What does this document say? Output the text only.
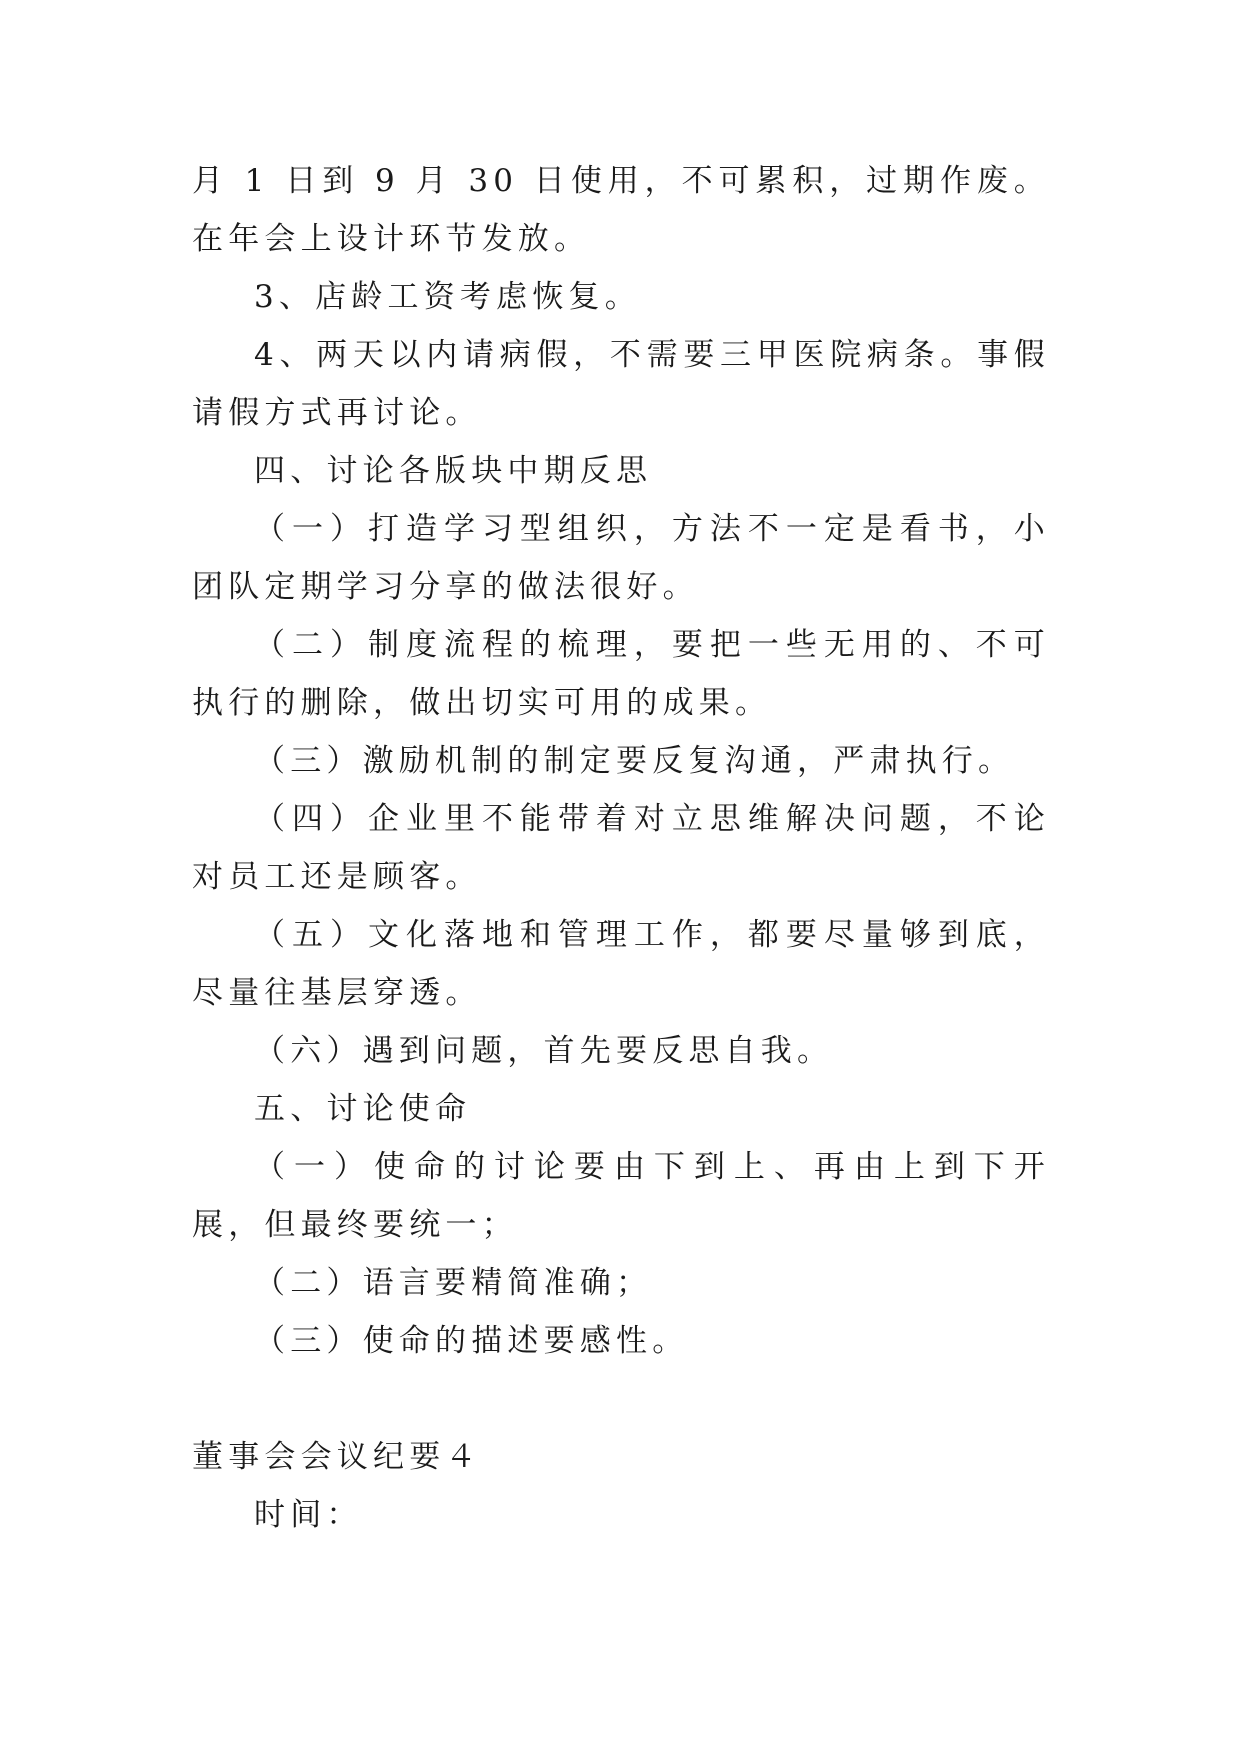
月 1 日到 9 月 30 日使用，不可累积，过期作废。在年会上设计环节发放。

3、店龄工资考虑恢复。

4、两天以内请病假，不需要三甲医院病条。事假请假方式再讨论。

四、讨论各版块中期反思

（一）打造学习型组织，方法不一定是看书，小团队定期学习分享的做法很好。

（二）制度流程的梳理，要把一些无用的、不可执行的删除，做出切实可用的成果。

（三）激励机制的制定要反复沟通，严肃执行。

（四）企业里不能带着对立思维解决问题，不论对员工还是顾客。

（五）文化落地和管理工作，都要尽量够到底，尽量往基层穿透。

（六）遇到问题，首先要反思自我。

五、讨论使命

（一）使命的讨论要由下到上、再由上到下开展，但最终要统一；

（二）语言要精简准确；

（三）使命的描述要感性。

董事会会议纪要４

时间：
